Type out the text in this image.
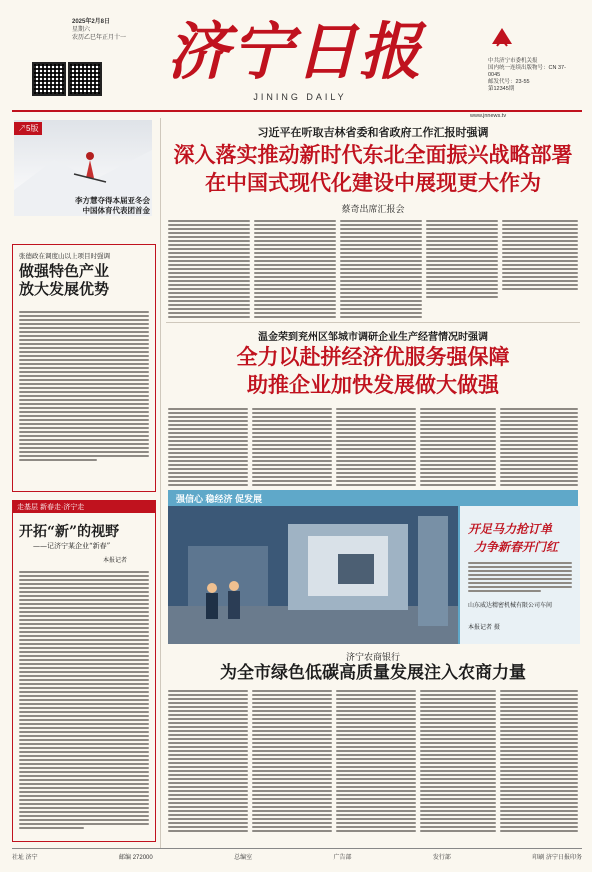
2025年2月8日
星期六
农历乙巳年正月十一 济宁日报
JINING DAILY
中共济宁市委机关报
国内统一连续出版物号：CN 37-0045
邮发代号：23-55
第12345期
www.jnnews.tv
↗5版
李方慧夺得本届亚冬会
中国体育代表团首金
张德政在调度山以上项目时强调
做强特色产业
放大发展优势
走基层 新春走·济宁走
开拓“新”的视野
——记济宁某企业“新春”
本报记者
习近平在听取吉林省委和省政府工作汇报时强调
深入落实推动新时代东北全面振兴战略部署
在中国式现代化建设中展现更大作为
蔡奇出席汇报会
温金荣到兖州区邹城市调研企业生产经营情况时强调
全力以赴拼经济优服务强保障
助推企业加快发展做大做强
强信心 稳经济 促发展
开足马力抢订单
力争新春开门红
山东威达精密机械有限公司车间
本报记者 摄
济宁农商银行
为全市绿色低碳高质量发展注入农商力量
社址 济宁	邮编 272000	总编室	广告部	发行部	印刷 济宁日报印务
